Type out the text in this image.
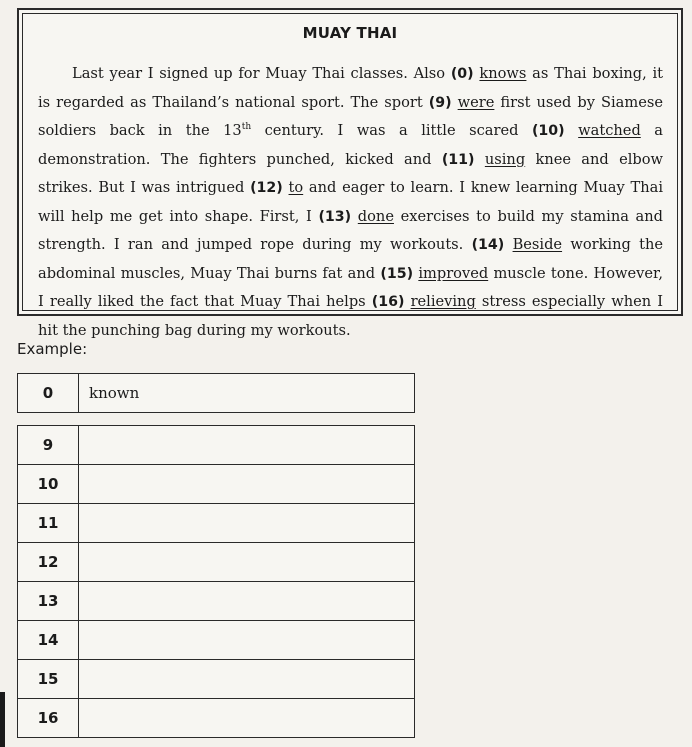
MUAY THAI
Last year I signed up for Muay Thai classes. Also (0) knows as Thai boxing, it is regarded as Thailand’s national sport. The sport (9) were first used by Siamese soldiers back in the 13th century. I was a little scared (10) watched a demonstration. The fighters punched, kicked and (11) using knee and elbow strikes. But I was intrigued (12) to and eager to learn. I knew learning Muay Thai will help me get into shape. First, I (13) done exercises to build my stamina and strength. I ran and jumped rope during my workouts. (14) Beside working the abdominal muscles, Muay Thai burns fat and (15) improved muscle tone. However, I really liked the fact that Muay Thai helps (16) relieving stress especially when I hit the punching bag during my workouts.
Example:
0	known
9	
10	
11	
12	
13	
14	
15	
16	
